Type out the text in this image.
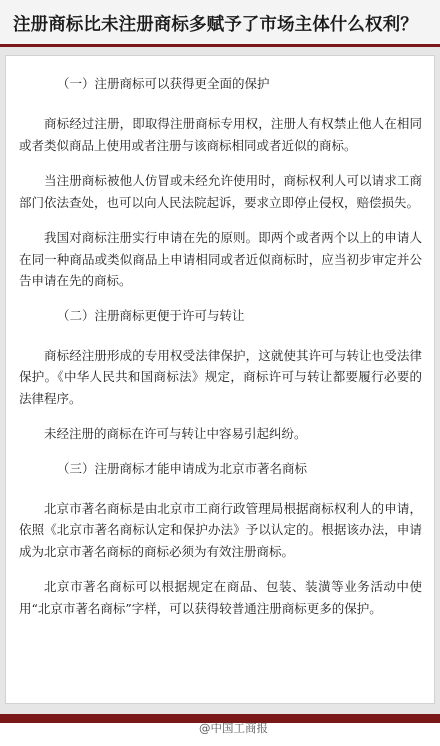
注册商标比未注册商标多赋予了市场主体什么权利？
（一）注册商标可以获得更全面的保护

商标经过注册，即取得注册商标专用权，注册人有权禁止他人在相同或者类似商品上使用或者注册与该商标相同或者近似的商标。

当注册商标被他人仿冒或未经允许使用时，商标权利人可以请求工商部门依法查处，也可以向人民法院起诉，要求立即停止侵权，赔偿损失。

我国对商标注册实行申请在先的原则。即两个或者两个以上的申请人在同一种商品或类似商品上申请相同或者近似商标时，应当初步审定并公告申请在先的商标。

（二）注册商标更便于许可与转让

商标经注册形成的专用权受法律保护，这就使其许可与转让也受法律保护。《中华人民共和国商标法》规定，商标许可与转让都要履行必要的法律程序。

未经注册的商标在许可与转让中容易引起纠纷。

（三）注册商标才能申请成为北京市著名商标

北京市著名商标是由北京市工商行政管理局根据商标权利人的申请，依照《北京市著名商标认定和保护办法》予以认定的。根据该办法，申请成为北京市著名商标的商标必须为有效注册商标。

北京市著名商标可以根据规定在商品、包装、装潢等业务活动中使用“北京市著名商标”字样，可以获得较普通注册商标更多的保护。

@中国工商报
